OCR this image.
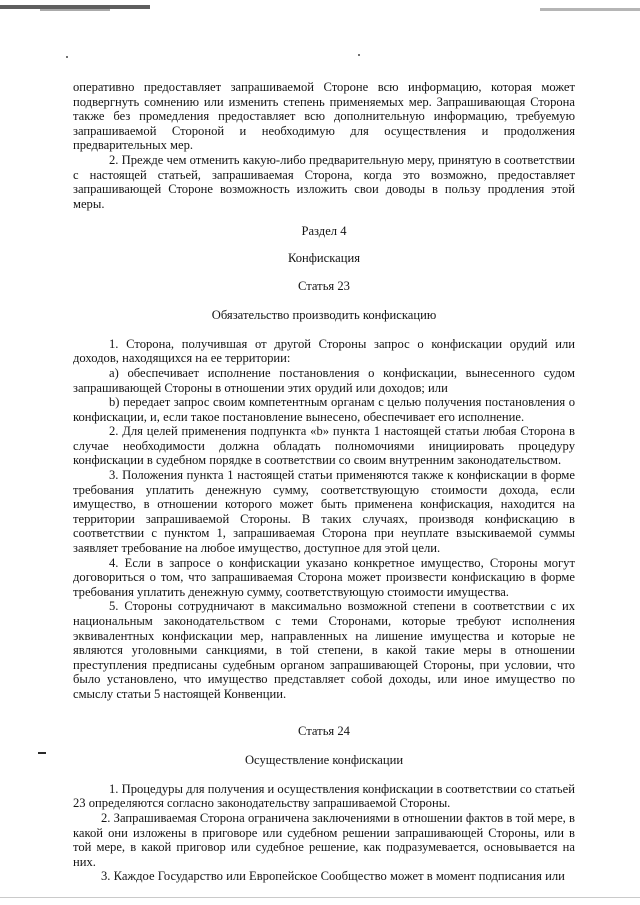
оперативно предоставляет запрашиваемой Стороне всю информацию, которая может подвергнуть сомнению или изменить степень применяемых мер. Запрашивающая Сторона также без промедления предоставляет всю дополнительную информацию, требуемую запрашиваемой Стороной и необходимую для осуществления и продолжения предварительных мер.

2. Прежде чем отменить какую-либо предварительную меру, принятую в соответствии с настоящей статьей, запрашиваемая Сторона, когда это возможно, предоставляет запрашивающей Стороне возможность изложить свои доводы в пользу продления этой меры.

Раздел 4

Конфискация

Статья 23

Обязательство производить конфискацию

1. Сторона, получившая от другой Стороны запрос о конфискации орудий или доходов, находящихся на ее территории:

a) обеспечивает исполнение постановления о конфискации, вынесенного судом запрашивающей Стороны в отношении этих орудий или доходов; или

b) передает запрос своим компетентным органам с целью получения постановления о конфискации, и, если такое постановление вынесено, обеспечивает его исполнение.

2. Для целей применения подпункта «b» пункта 1 настоящей статьи любая Сторона в случае необходимости должна обладать полномочиями инициировать процедуру конфискации в судебном порядке в соответствии со своим внутренним законодательством.

3. Положения пункта 1 настоящей статьи применяются также к конфискации в форме требования уплатить денежную сумму, соответствующую стоимости дохода, если имущество, в отношении которого может быть применена конфискация, находится на территории запрашиваемой Стороны. В таких случаях, производя конфискацию в соответствии с пунктом 1, запрашиваемая Сторона при неуплате взыскиваемой суммы заявляет требование на любое имущество, доступное для этой цели.

4. Если в запросе о конфискации указано конкретное имущество, Стороны могут договориться о том, что запрашиваемая Сторона может произвести конфискацию в форме требования уплатить денежную сумму, соответствующую стоимости имущества.

5. Стороны сотрудничают в максимально возможной степени в соответствии с их национальным законодательством с теми Сторонами, которые требуют исполнения эквивалентных конфискации мер, направленных на лишение имущества и которые не являются уголовными санкциями, в той степени, в какой такие меры в отношении преступления предписаны судебным органом запрашивающей Стороны, при условии, что было установлено, что имущество представляет собой доходы, или иное имущество по смыслу статьи 5 настоящей Конвенции.

Статья 24

Осуществление конфискации

1. Процедуры для получения и осуществления конфискации в соответствии со статьей 23 определяются согласно законодательству запрашиваемой Стороны.

2. Запрашиваемая Сторона ограничена заключениями в отношении фактов в той мере, в какой они изложены в приговоре или судебном решении запрашивающей Стороны, или в той мере, в какой приговор или судебное решение, как подразумевается, основывается на них.

3. Каждое Государство или Европейское Сообщество может в момент подписания или
